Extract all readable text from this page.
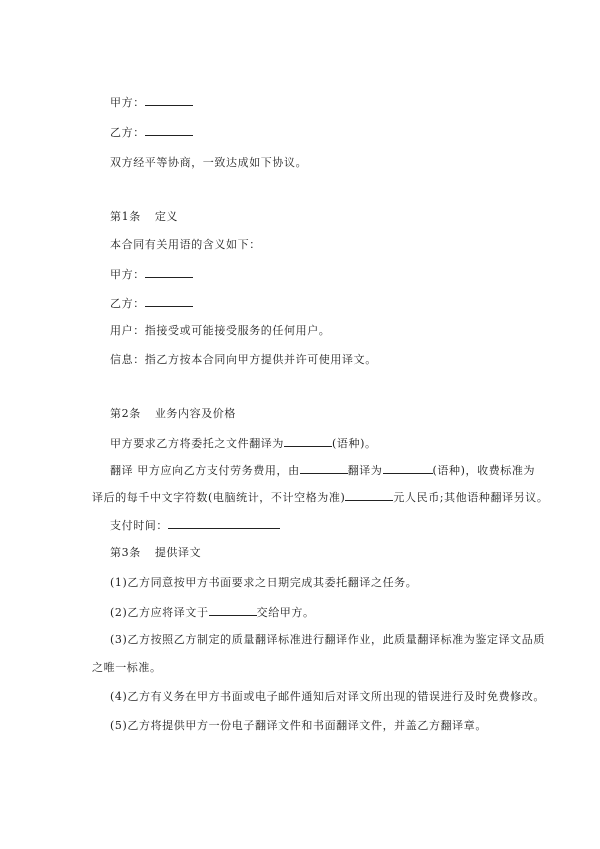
甲方：
乙方：
双方经平等协商，一致达成如下协议。
第1条 定义
本合同有关用语的含义如下：
甲方：
乙方：
用户：指接受或可能接受服务的任何用户。
信息：指乙方按本合同向甲方提供并许可使用译文。
第2条 业务内容及价格
甲方要求乙方将委托之文件翻译为	(语种)。
翻译 甲方应向乙方支付劳务费用，由	翻译为	(语种)，收费标准为
译后的每千中文字符数(电脑统计，不计空格为准)	元人民币;其他语种翻译另议。
支付时间：
第3条 提供译文
(1)乙方同意按甲方书面要求之日期完成其委托翻译之任务。
(2)乙方应将译文于	交给甲方。
(3)乙方按照乙方制定的质量翻译标准进行翻译作业，此质量翻译标准为鉴定译文品质
之唯一标准。
(4)乙方有义务在甲方书面或电子邮件通知后对译文所出现的错误进行及时免费修改。
(5)乙方将提供甲方一份电子翻译文件和书面翻译文件，并盖乙方翻译章。
